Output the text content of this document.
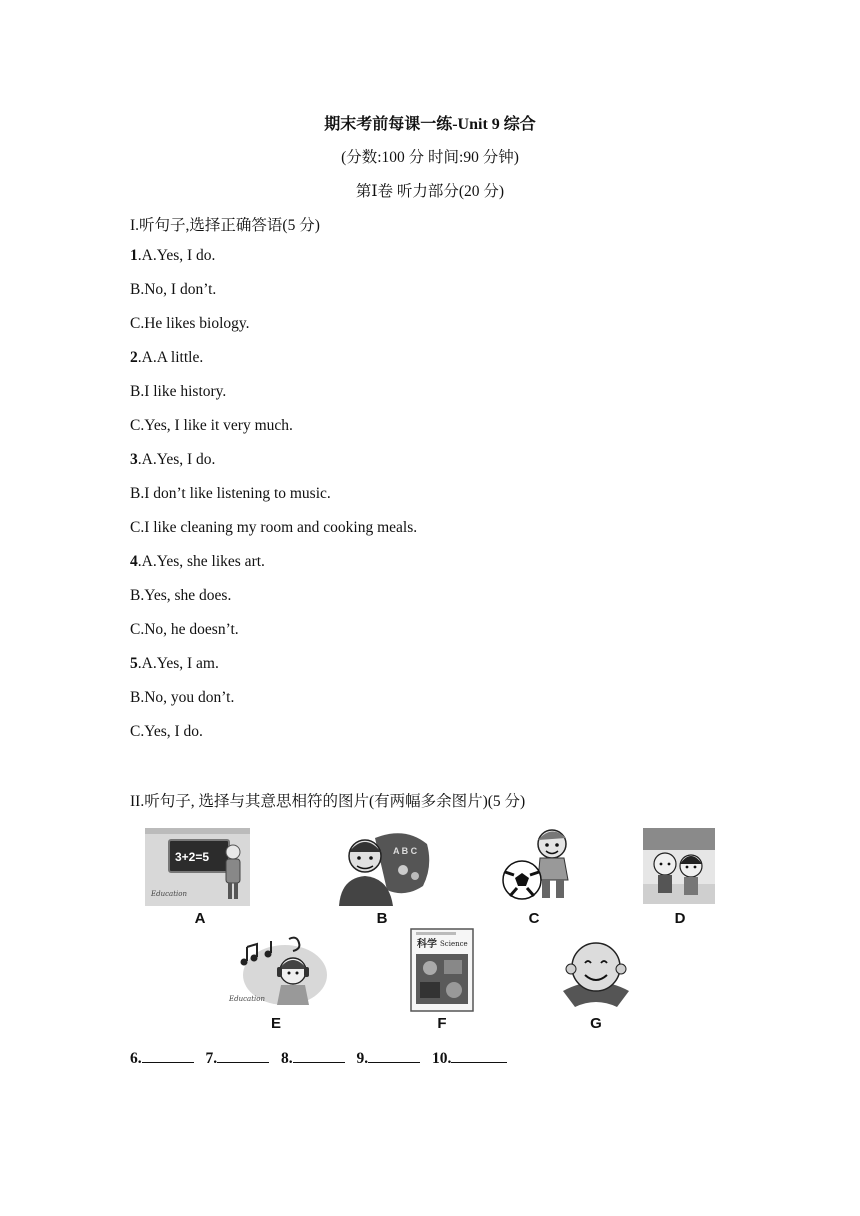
期末考前每课一练-Unit 9 综合
(分数:100 分 时间:90 分钟)
第Ⅰ卷 听力部分(20 分)
I.听句子,选择正确答语(5 分)
1.A.Yes, I do.
B.No, I don’t.
C.He likes biology.
2.A.A little.
B.I like history.
C.Yes, I like it very much.
3.A.Yes, I do.
B.I don’t like listening to music.
C.I like cleaning my room and cooking meals.
4.A.Yes, she likes art.
B.Yes, she does.
C.No, he doesn’t.
5.A.Yes, I am.
B.No, you don’t.
C.Yes, I do.
II.听句子, 选择与其意思相符的图片(有两幅多余图片)(5 分)
3+2=5
Education
A
A B C
B	C	D
Education
E
科学 Science
F	G
6.	7.	8.	9.	10.
